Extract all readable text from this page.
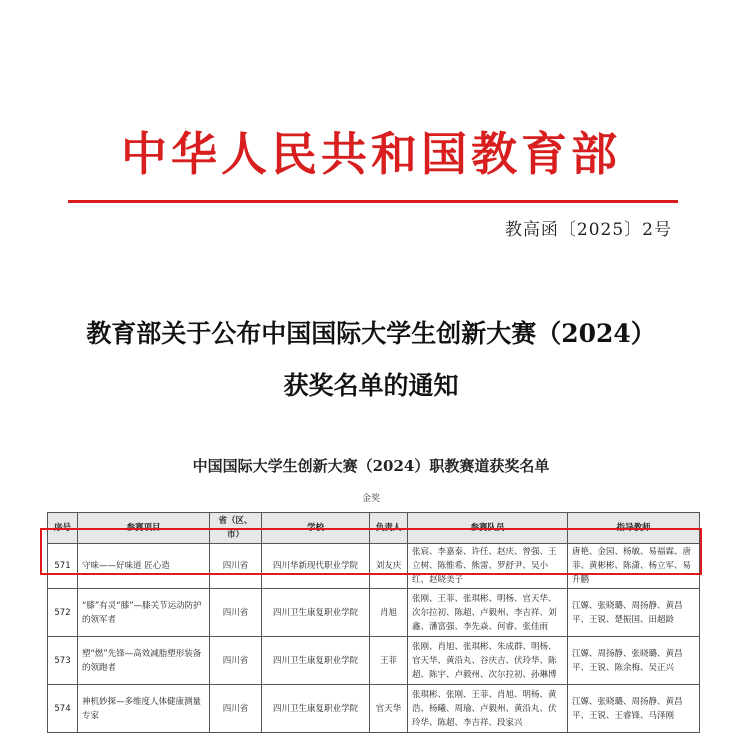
中华人民共和国教育部
教高函〔2025〕2号
教育部关于公布中国国际大学生创新大赛（2024）
获奖名单的通知
中国国际大学生创新大赛（2024）职教赛道获奖名单
金奖
序号	参赛项目	省（区、市）	学校	负责人	参赛队员	指导教师
571	守味——好味道 匠心造	四川省	四川华新现代职业学院	刘友庆	张宸、李嘉泰、许任、赵庆、曾强、王立树、陈惟希、熊雷、罗舒尹、吴小红、赵晓美子	唐艳、金园、杨敏、易福霖、唐菲、黄彬彬、陈潇、杨立军、易升鹏
572	“膝”有灵“膝”—膝关节运动防护的领军者	四川省	四川卫生康复职业学院	肖旭	张刚、王菲、张琪彬、明杨、官天华、次尔拉初、陈超、卢毅州、李吉祥、刘鑫、潘富强、李先焱、何睿、张佳雨	江嫄、张晓璐、周扬静、黄昌平、王锐、楚振国、田超龄
573	塑“燃”先锋—高效减脂塑形装备的领跑者	四川省	四川卫生康复职业学院	王菲	张刚、肖旭、张琪彬、朱成群、明杨、官天华、黄沿丸、谷庆吉、伏玲华、陈超、陈宇、卢毅州、次尔拉初、孙琳博	江嫄、周扬静、张晓璐、黄昌平、王锐、陈余梅、吴正兴
574	神机妙探—多维度人体健康测量专家	四川省	四川卫生康复职业学院	官天华	张琪彬、张刚、王菲、肖旭、明杨、黄浩、杨曦、周瑜、卢毅州、黄沿丸、伏玲华、陈超、李吉祥、段家兴	江嫄、张晓璐、周扬静、黄昌平、王锐、王睿锋、马泽刚
